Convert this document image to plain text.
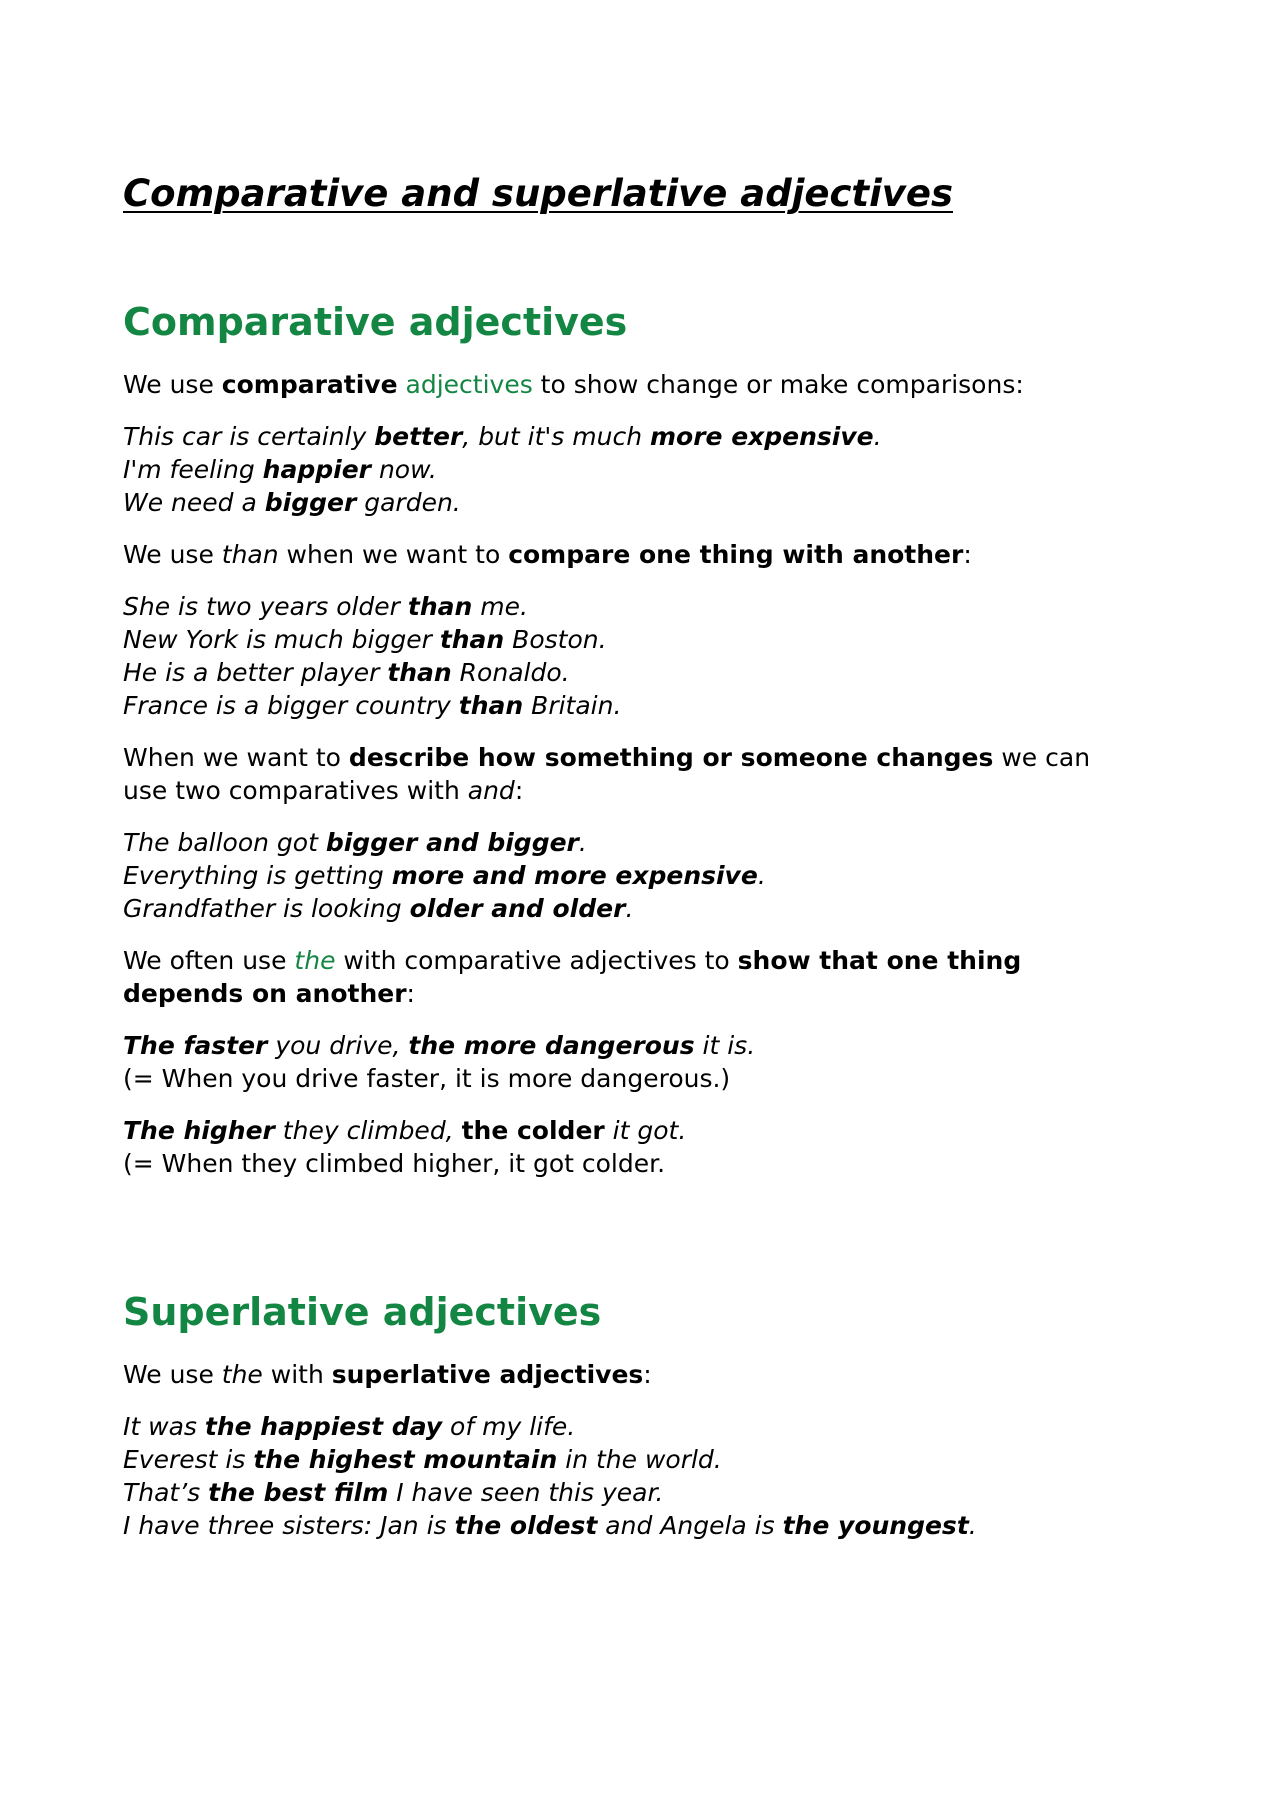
Comparative and superlative adjectives
Comparative adjectives

We use comparative adjectives to show change or make comparisons:

This car is certainly better, but it's much more expensive.
I'm feeling happier now.
We need a bigger garden.

We use than when we want to compare one thing with another:

She is two years older than me.
New York is much bigger than Boston.
He is a better player than Ronaldo.
France is a bigger country than Britain.

When we want to describe how something or someone changes we can
use two comparatives with and:

The balloon got bigger and bigger.
Everything is getting more and more expensive.
Grandfather is looking older and older.

We often use the with comparative adjectives to show that one thing
depends on another:

The faster you drive, the more dangerous it is.
(= When you drive faster, it is more dangerous.)

The higher they climbed, the colder it got.
(= When they climbed higher, it got colder.

Superlative adjectives

We use the with superlative adjectives:

It was the happiest day of my life.
Everest is the highest mountain in the world.
That’s the best film I have seen this year.
I have three sisters: Jan is the oldest and Angela is the youngest.
